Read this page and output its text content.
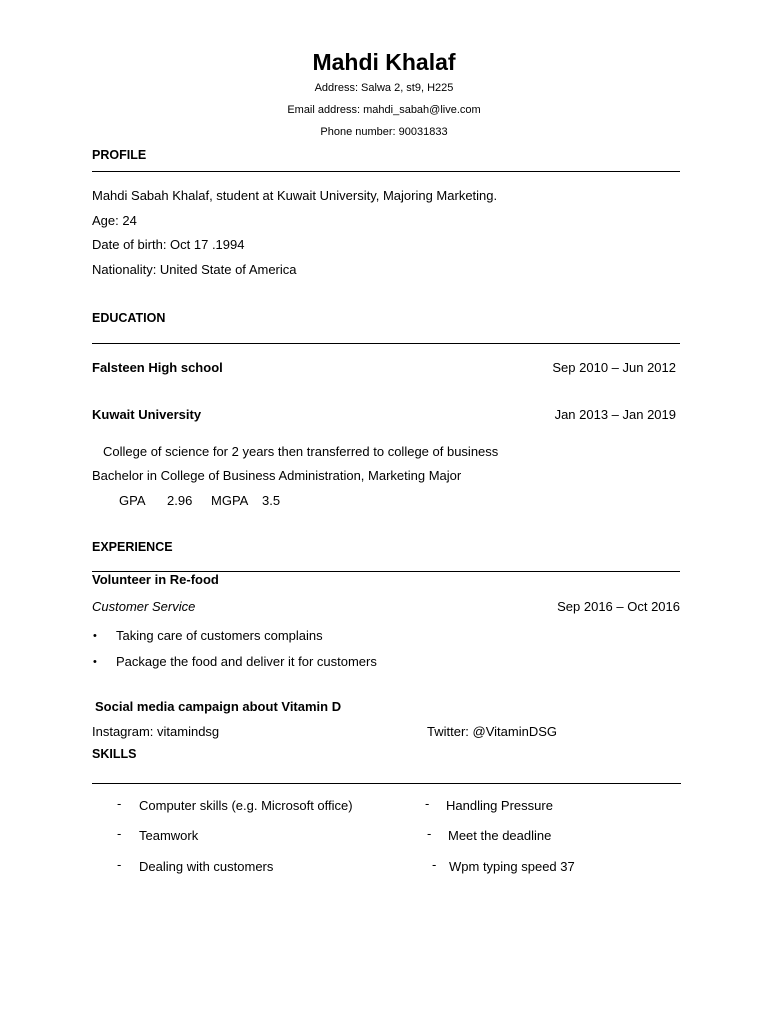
Mahdi Khalaf
Address: Salwa 2, st9, H225
Email address: mahdi_sabah@live.com
Phone number: 90031833
PROFILE
Mahdi Sabah Khalaf, student at Kuwait University, Majoring Marketing.
Age: 24
Date of birth: Oct 17 .1994
Nationality: United State of America
EDUCATION
Falsteen High school	Sep 2010 – Jun 2012
Kuwait University	Jan 2013 – Jan 2019
College of science for 2 years then transferred to college of business
Bachelor in College of Business Administration, Marketing Major
GPA 2.96 MGPA 3.5
EXPERIENCE
Volunteer in Re-food
Customer Service	Sep 2016 – Oct 2016
• Taking care of customers complains
• Package the food and deliver it for customers
Social media campaign about Vitamin D
Instagram: vitamindsg	Twitter: @VitaminDSG
SKILLS
- Computer skills (e.g. Microsoft office)	- Handling Pressure
- Teamwork	- Meet the deadline
- Dealing with customers	- Wpm typing speed 37
